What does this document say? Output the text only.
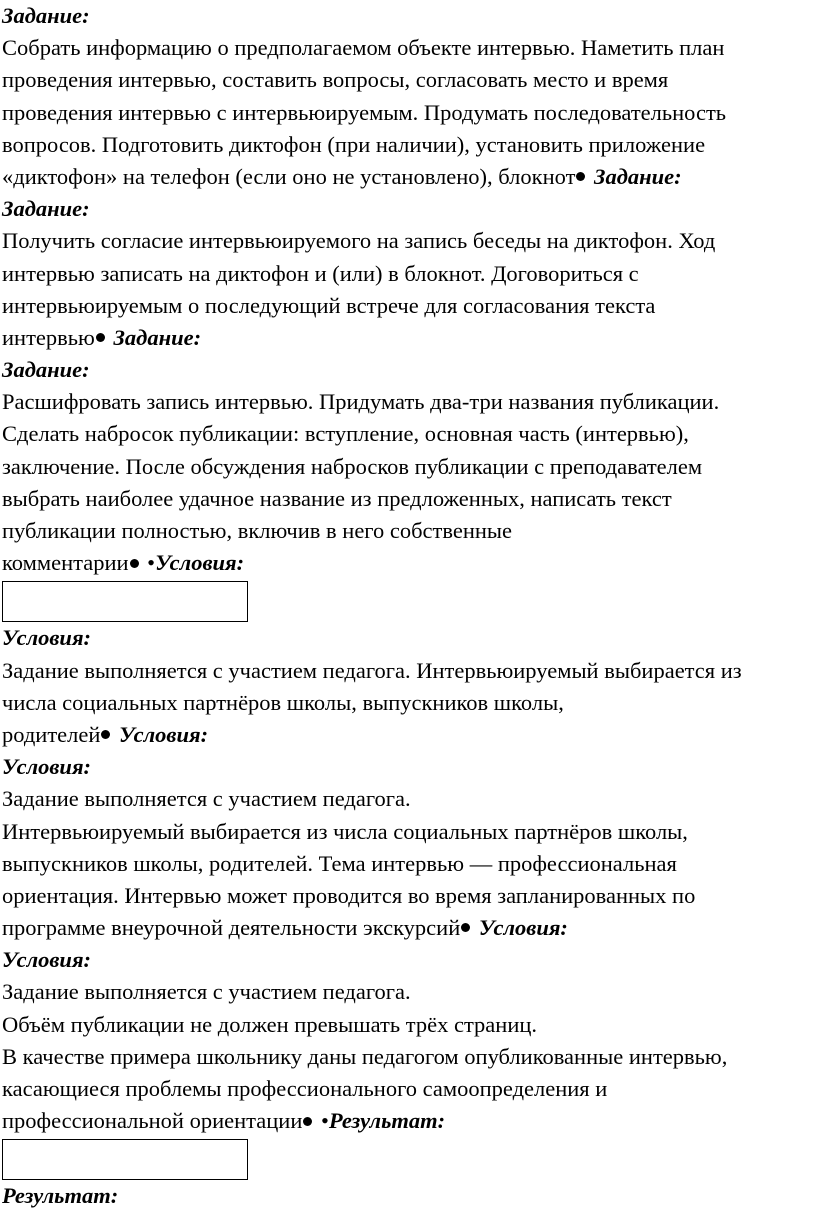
Задание:
Собрать информацию о предполагаемом объекте интервью. Наметить план
проведения интервью, составить вопросы, согласовать место и время
проведения интервью с интервьюируемым. Продумать последовательность
вопросов. Подготовить диктофон (при наличии), установить приложение
«диктофон» на телефон (если оно не установлено), блокнот Задание:
Задание:
Получить согласие интервьюируемого на запись беседы на диктофон. Ход
интервью записать на диктофон и (или) в блокнот. Договориться с
интервьюируемым о последующий встрече для согласования текста
интервью Задание:
Задание:
Расшифровать запись интервью. Придумать два-три названия публикации.
Сделать набросок публикации: вступление, основная часть (интервью),
заключение. После обсуждения набросков публикации с преподавателем
выбрать наиболее удачное название из предложенных, написать текст
публикации полностью, включив в него собственные
комментарии •Условия:
Условия:
Задание выполняется с участием педагога. Интервьюируемый выбирается из
числа социальных партнёров школы, выпускников школы,
родителей Условия:
Условия:
Задание выполняется с участием педагога.
Интервьюируемый выбирается из числа социальных партнёров школы,
выпускников школы, родителей. Тема интервью — профессиональная
ориентация. Интервью может проводится во время запланированных по
программе внеурочной деятельности экскурсий Условия:
Условия:
Задание выполняется с участием педагога.
Объём публикации не должен превышать трёх страниц.
В качестве примера школьнику даны педагогом опубликованные интервью,
касающиеся проблемы профессионального самоопределения и
профессиональной ориентации •Результат:
Результат:
